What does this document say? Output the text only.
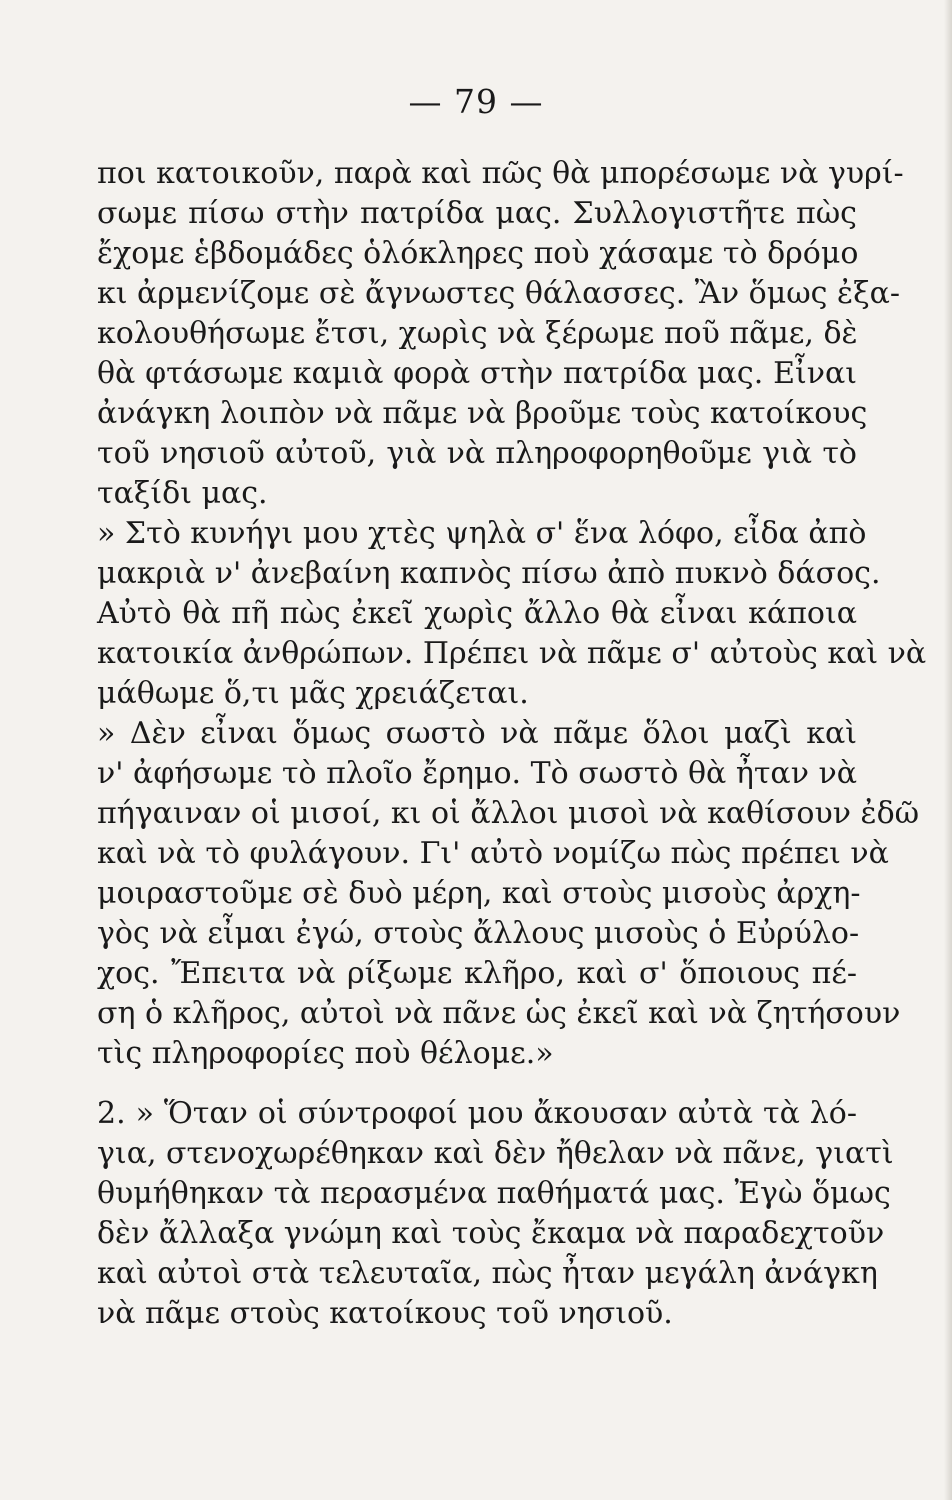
— 79 —
ποι κατοικοῦν, παρὰ καὶ πῶς θὰ μπορέσωμε νὰ γυρί-
σωμε πίσω στὴν πατρίδα μας. Συλλογιστῆτε πὼς
ἔχομε ἑβδομάδες ὁλόκληρες ποὺ χάσαμε τὸ δρόμο
κι ἀρμενίζομε σὲ ἄγνωστες θάλασσες. Ἂν ὅμως ἐξα-
κολουθήσωμε ἔτσι, χωρὶς νὰ ξέρωμε ποῦ πᾶμε, δὲ
θὰ φτάσωμε καμιὰ φορὰ στὴν πατρίδα μας. Εἶναι
ἀνάγκη λοιπὸν νὰ πᾶμε νὰ βροῦμε τοὺς κατοίκους
τοῦ νησιοῦ αὐτοῦ, γιὰ νὰ πληροφορηθοῦμε γιὰ τὸ
ταξίδι μας.
» Στὸ κυνήγι μου χτὲς ψηλὰ σ' ἕνα λόφο, εἶδα ἀπὸ
μακριὰ ν' ἀνεβαίνη καπνὸς πίσω ἀπὸ πυκνὸ δάσος.
Αὐτὸ θὰ πῆ πὼς ἐκεῖ χωρὶς ἄλλο θὰ εἶναι κάποια
κατοικία ἀνθρώπων. Πρέπει νὰ πᾶμε σ' αὐτοὺς καὶ νὰ
μάθωμε ὅ,τι μᾶς χρειάζεται.
» Δὲν εἶναι ὅμως σωστὸ νὰ πᾶμε ὅλοι μαζὶ καὶ
ν' ἀφήσωμε τὸ πλοῖο ἔρημο. Τὸ σωστὸ θὰ ἦταν νὰ
πήγαιναν οἱ μισοί, κι οἱ ἄλλοι μισοὶ νὰ καθίσουν ἐδῶ
καὶ νὰ τὸ φυλάγουν. Γι' αὐτὸ νομίζω πὼς πρέπει νὰ
μοιραστοῦμε σὲ δυὸ μέρη, καὶ στοὺς μισοὺς ἀρχη-
γὸς νὰ εἶμαι ἐγώ, στοὺς ἄλλους μισοὺς ὁ Εὐρύλο-
χος. Ἔπειτα νὰ ρίξωμε κλῆρο, καὶ σ' ὅποιους πέ-
ση ὁ κλῆρος, αὐτοὶ νὰ πᾶνε ὡς ἐκεῖ καὶ νὰ ζητήσουν
τὶς πληροφορίες ποὺ θέλομε.»
2. » Ὅταν οἱ σύντροφοί μου ἄκουσαν αὐτὰ τὰ λό-
για, στενοχωρέθηκαν καὶ δὲν ἤθελαν νὰ πᾶνε, γιατὶ
θυμήθηκαν τὰ περασμένα παθήματά μας. Ἐγὼ ὅμως
δὲν ἄλλαξα γνώμη καὶ τοὺς ἔκαμα νὰ παραδεχτοῦν
καὶ αὐτοὶ στὰ τελευταῖα, πὼς ἦταν μεγάλη ἀνάγκη
νὰ πᾶμε στοὺς κατοίκους τοῦ νησιοῦ.
